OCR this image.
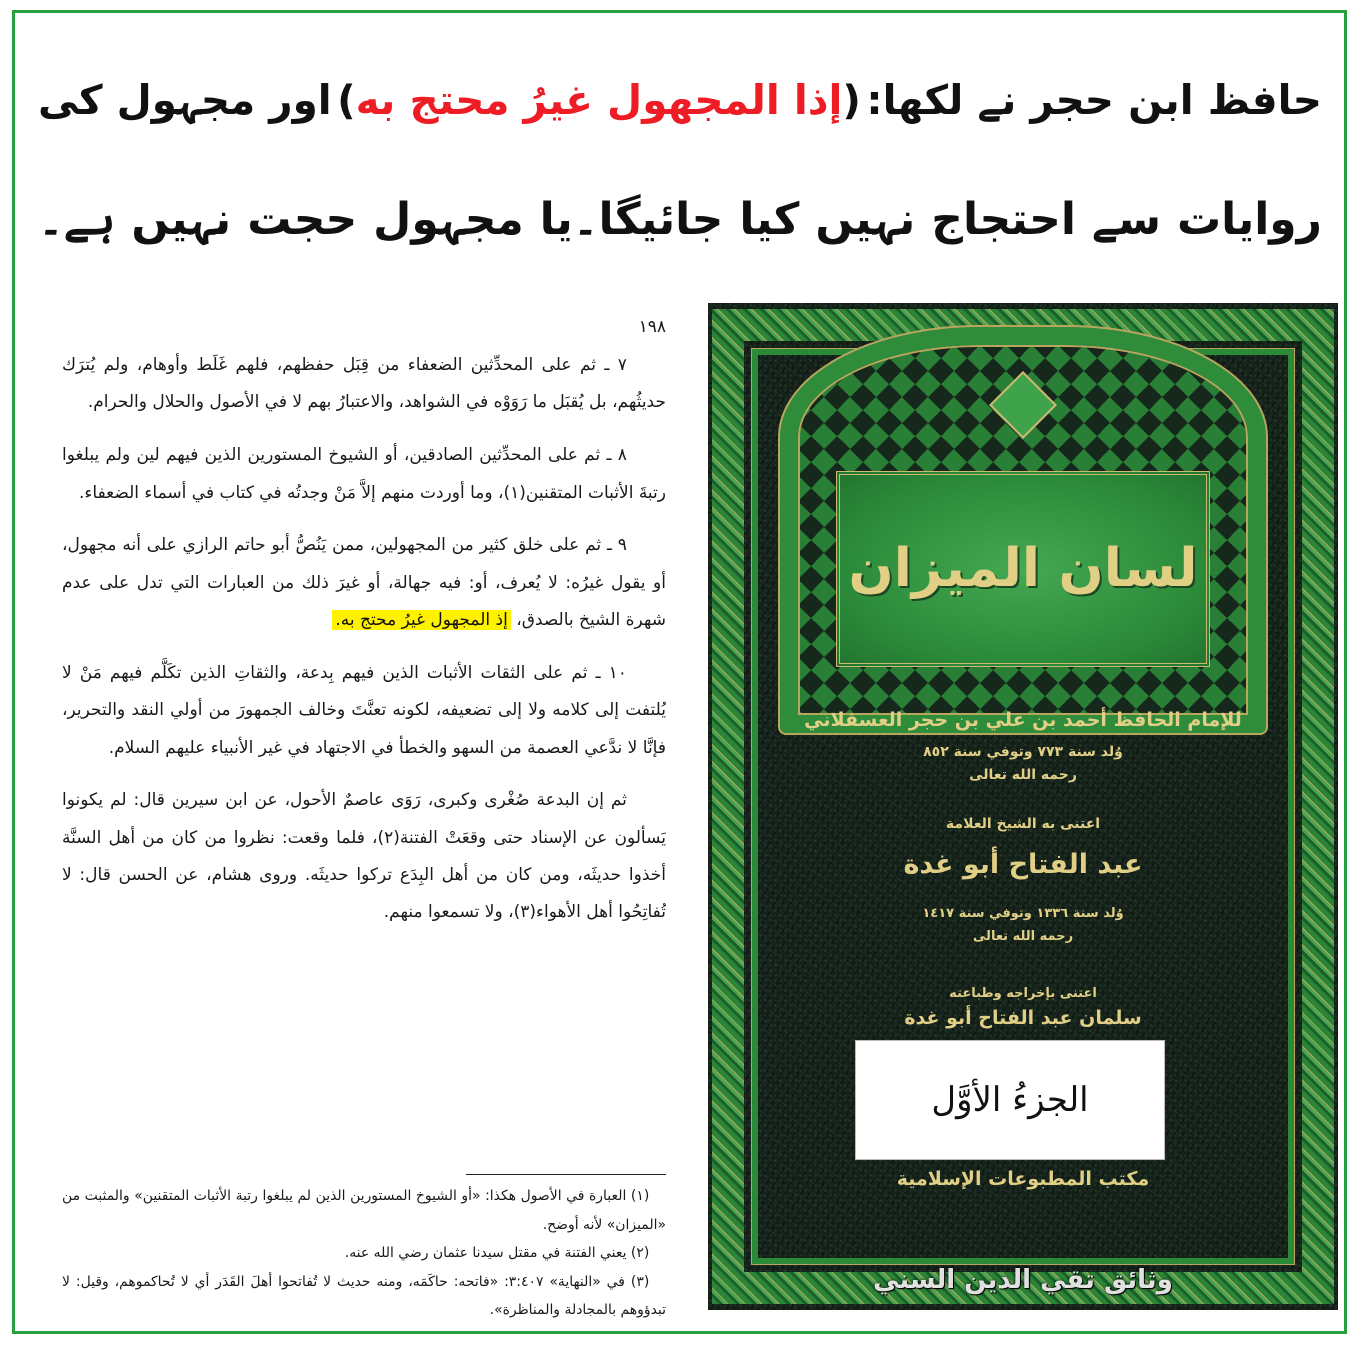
حافظ ابن حجر نے لکھا:
(إذا المجهول غيرُ محتج به)
اور مجہول کی
روایات سے احتجاج نہیں کیا جائیگا۔یا مجہول حجت نہیں ہے۔
١٩٨

٧ ـ ثم على المحدِّثين الضعفاء من قِبَل حفظهم، فلهم غَلَط وأوهام، ولم يُترَك حديثُهم، بل يُقبَل ما رَوَوْه في الشواهد، والاعتبارُ بهم لا في الأصول والحلال والحرام.

٨ ـ ثم على المحدِّثين الصادقين، أو الشيوخ المستورين الذين فيهم لين ولم يبلغوا رتبةَ الأثبات المتقنين(١)، وما أوردت منهم إلاَّ مَنْ وجدتُه في كتاب في أسماء الضعفاء.

٩ ـ ثم على خلق كثير من المجهولين، ممن يَنُصُّ أبو حاتم الرازي على أنه مجهول، أو يقول غيرُه: لا يُعرف، أو: فيه جهالة، أو غيرَ ذلك من العبارات التي تدل على عدم شهرة الشيخ بالصدق، إذ المجهول غيرُ محتج به.

١٠ ـ ثم على الثقات الأثبات الذين فيهم بِدعة، والثقاتِ الذين تكَلَّم فيهم مَنْ لا يُلتفت إلى كلامه ولا إلى تضعيفه، لكونه تعنَّتَ وخالف الجمهورَ من أولي النقد والتحرير، فإنَّا لا ندَّعي العصمة من السهو والخطأ في الاجتهاد في غير الأنبياء عليهم السلام.

ثم إن البدعة صُغْرى وكبرى، رَوَى عاصمٌ الأحول، عن ابن سيرين قال: لم يكونوا يَسألون عن الإسناد حتى وقعَتْ الفتنة(٢)، فلما وقعت: نظروا من كان من أهل السنَّة أخذوا حديثَه، ومن كان من أهل البِدَع تركوا حديثَه. وروى هشام، عن الحسن قال: لا تُفاتِحُوا أهل الأهواء(٣)، ولا تسمعوا منهم.

(١) العبارة في الأصول هكذا: «أو الشيوخ المستورين الذين لم يبلغوا رتبة الأثبات المتقنين» والمثبت من «الميزان» لأنه أوضح.

(٢) يعني الفتنة في مقتل سيدنا عثمان رضي الله عنه.

(٣) في «النهاية» ٣:٤٠٧: «فاتحه: حاكَمَه، ومنه حديث لا تُفاتحوا أهلَ القَدَر أي لا تُحاكموهم، وقيل: لا تبدؤوهم بالمجادلة والمناظرة».

لسان الميزان
للإمام الحافظ أحمد بن علي بن حجر العسقلاني
وُلد سنة ٧٧٣ وتوفي سنة ٨٥٢
رحمه الله تعالى
اعتنى به الشيخ العلامة
عبد الفتاح أبو غدة
وُلد سنة ١٣٣٦ وتوفي سنة ١٤١٧
رحمه الله تعالى
اعتنى بإخراجه وطباعته
سلمان عبد الفتاح أبو غدة
الجزءُ الأوَّل
مكتب المطبوعات الإسلامية
وثائق تقي الدين السني
